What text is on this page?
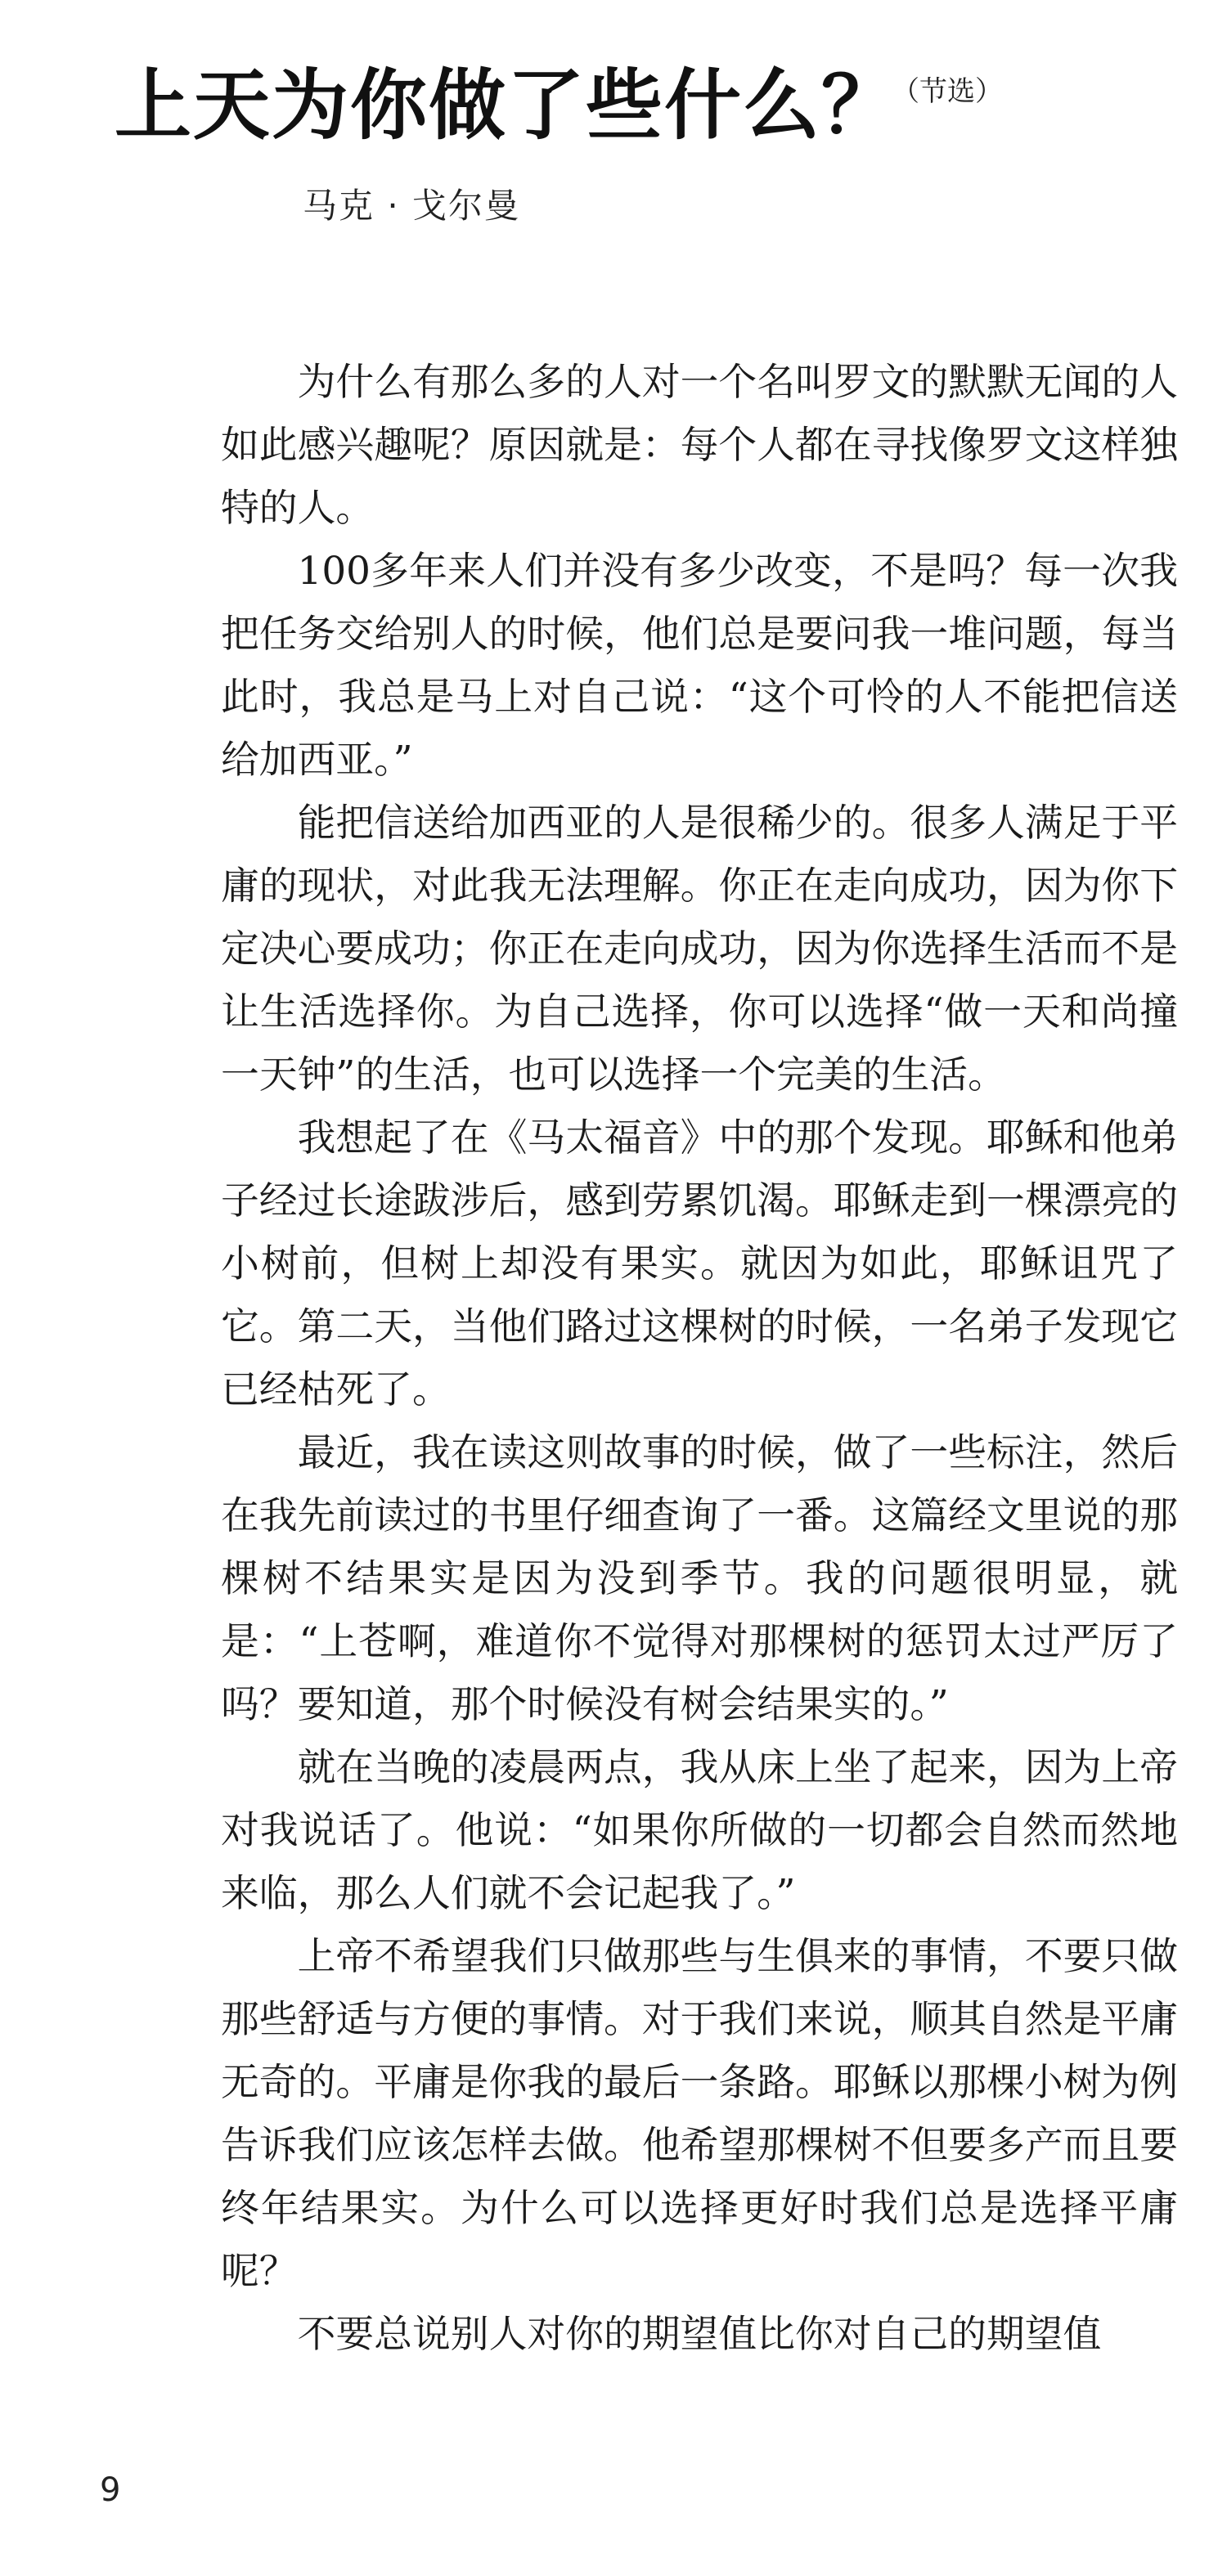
上天为你做了些什么？
（节选）
马克 · 戈尔曼

为什么有那么多的人对一个名叫罗文的默默无闻的人如此感兴趣呢？原因就是：每个人都在寻找像罗文这样独特的人。

100多年来人们并没有多少改变，不是吗？每一次我把任务交给别人的时候，他们总是要问我一堆问题，每当此时，我总是马上对自己说：“这个可怜的人不能把信送给加西亚。”

能把信送给加西亚的人是很稀少的。很多人满足于平庸的现状，对此我无法理解。你正在走向成功，因为你下定决心要成功；你正在走向成功，因为你选择生活而不是让生活选择你。为自己选择，你可以选择“做一天和尚撞一天钟”的生活，也可以选择一个完美的生活。

我想起了在《马太福音》中的那个发现。耶稣和他弟子经过长途跋涉后，感到劳累饥渴。耶稣走到一棵漂亮的小树前，但树上却没有果实。就因为如此，耶稣诅咒了它。第二天，当他们路过这棵树的时候，一名弟子发现它已经枯死了。

最近，我在读这则故事的时候，做了一些标注，然后在我先前读过的书里仔细查询了一番。这篇经文里说的那棵树不结果实是因为没到季节。我的问题很明显，就是：“上苍啊，难道你不觉得对那棵树的惩罚太过严厉了吗？要知道，那个时候没有树会结果实的。”

就在当晚的凌晨两点，我从床上坐了起来，因为上帝对我说话了。他说：“如果你所做的一切都会自然而然地来临，那么人们就不会记起我了。”

上帝不希望我们只做那些与生俱来的事情，不要只做那些舒适与方便的事情。对于我们来说，顺其自然是平庸无奇的。平庸是你我的最后一条路。耶稣以那棵小树为例告诉我们应该怎样去做。他希望那棵树不但要多产而且要终年结果实。为什么可以选择更好时我们总是选择平庸呢？

不要总说别人对你的期望值比你对自己的期望值

9
